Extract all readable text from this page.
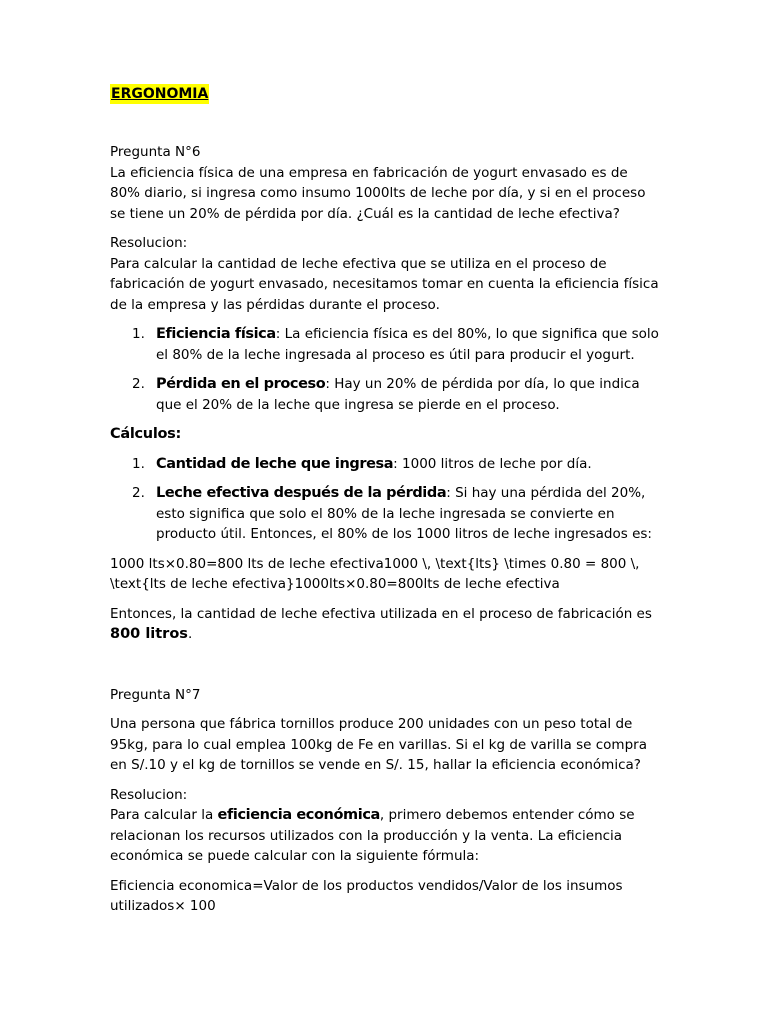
ERGONOMIA

Pregunta N°6
La eficiencia física de una empresa en fabricación de yogurt envasado es de 80% diario, si ingresa como insumo 1000lts de leche por día, y si en el proceso se tiene un 20% de pérdida por día. ¿Cuál es la cantidad de leche efectiva?

Resolucion:
Para calcular la cantidad de leche efectiva que se utiliza en el proceso de fabricación de yogurt envasado, necesitamos tomar en cuenta la eficiencia física de la empresa y las pérdidas durante el proceso.

1. Eficiencia física: La eficiencia física es del 80%, lo que significa que solo el 80% de la leche ingresada al proceso es útil para producir el yogurt.
2. Pérdida en el proceso: Hay un 20% de pérdida por día, lo que indica que el 20% de la leche que ingresa se pierde en el proceso.
Cálculos:
1. Cantidad de leche que ingresa: 1000 litros de leche por día.
2. Leche efectiva después de la pérdida: Si hay una pérdida del 20%, esto significa que solo el 80% de la leche ingresada se convierte en producto útil. Entonces, el 80% de los 1000 litros de leche ingresados es:

1000 lts×0.80=800 lts de leche efectiva1000 \, \text{lts} \times 0.80 = 800 \, \text{lts de leche efectiva}1000lts×0.80=800lts de leche efectiva

Entonces, la cantidad de leche efectiva utilizada en el proceso de fabricación es 800 litros.

Pregunta N°7

Una persona que fábrica tornillos produce 200 unidades con un peso total de 95kg, para lo cual emplea 100kg de Fe en varillas. Si el kg de varilla se compra en S/.10 y el kg de tornillos se vende en S/. 15, hallar la eficiencia económica?

Resolucion:
Para calcular la eficiencia económica, primero debemos entender cómo se relacionan los recursos utilizados con la producción y la venta. La eficiencia económica se puede calcular con la siguiente fórmula:

Eficiencia economica=Valor de los productos vendidos/Valor de los insumos utilizados× 100
